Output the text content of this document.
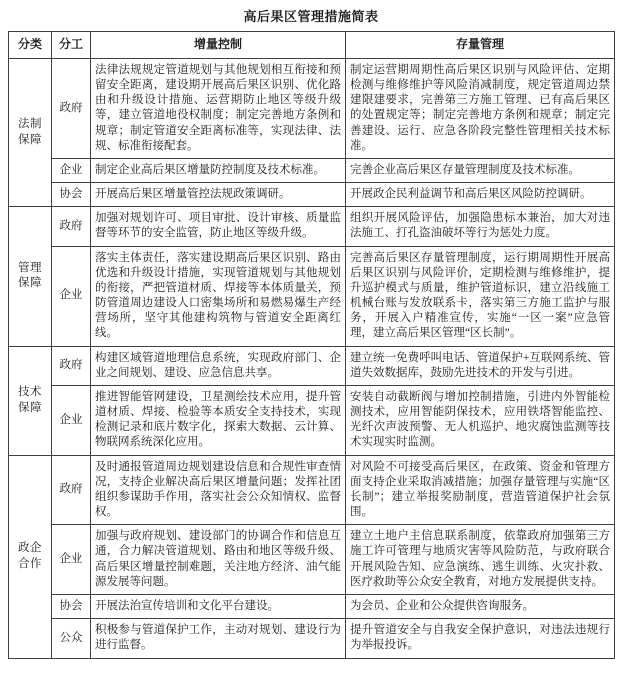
高后果区管理措施简表
分类	分工	增量控制	存量管理
法制保障	政府	法律法规规定管道规划与其他规划相互衔接和预留安全距离，建设期开展高后果区识别、优化路由和升级设计措施、运营期防止地区等级升级等，建立管道地役权制度；制定完善地方条例和规章；制定管道安全距离标准等，实现法律、法规、标准衔接配套。	制定运营期周期性高后果区识别与风险评估、定期检测与维修维护等风险消减制度，规定管道周边禁建限建要求，完善第三方施工管理、已有高后果区的处置规定等；制定完善地方条例和规章；制定完善建设、运行、应急各阶段完整性管理相关技术标准。
	企业	制定企业高后果区增量防控制度及技术标准。	完善企业高后果区存量管理制度及技术标准。
	协会	开展高后果区增量管控法规政策调研。	开展政企民利益调节和高后果区风险防控调研。
管理保障	政府	加强对规划许可、项目审批、设计审核、质量监督等环节的安全监管，防止地区等级升级。	组织开展风险评估，加强隐患标本兼治，加大对违法施工、打孔盗油破坏等行为惩处力度。
	企业	落实主体责任，落实建设期高后果区识别、路由优选和升级设计措施，实现管道规划与其他规划的衔接，严把管道材质、焊接等本体质量关，预防管道周边建设人口密集场所和易燃易爆生产经营场所，坚守其他建构筑物与管道安全距离红线。	完善高后果区存量管理制度，运行期周期性开展高后果区识别与风险评价，定期检测与维修维护，提升巡护模式与质量，维护管道标识，建立沿线施工机械台账与发放联系卡，落实第三方施工监护与服务，开展入户精准宣传，实施“一区一案”应急管理，建立高后果区管理“区长制”。
技术保障	政府	构建区域管道地理信息系统，实现政府部门、企业之间规划、建设、应急信息共享。	建立统一免费呼叫电话、管道保护+互联网系统、管道失效数据库，鼓励先进技术的开发与引进。
	企业	推进智能管网建设，卫星测绘技术应用，提升管道材质、焊接、检验等本质安全支持技术，实现检测记录和底片数字化，探索大数据、云计算、物联网系统深化应用。	安装自动截断阀与增加控制措施，引进内外智能检测技术，应用智能阴保技术，应用铁塔智能监控、光纤次声波预警、无人机巡护、地灾腐蚀监测等技术实现实时监测。
政企合作	政府	及时通报管道周边规划建设信息和合规性审查情况，支持企业解决高后果区增量问题；发挥社团组织参谋助手作用，落实社会公众知情权、监督权。	对风险不可接受高后果区，在政策、资金和管理方面支持企业采取消减措施；加强存量管理与实施“区长制”；建立举报奖励制度，营造管道保护社会氛围。
	企业	加强与政府规划、建设部门的协调合作和信息互通，合力解决管道规划、路由和地区等级升级、高后果区增量控制难题，关注地方经济、油气能源发展等问题。	建立土地户主信息联系制度，依靠政府加强第三方施工许可管理与地质灾害等风险防范，与政府联合开展风险告知、应急演练、逃生训练、火灾扑救、医疗救助等公众安全教育，对地方发展提供支持。
	协会	开展法治宣传培训和文化平台建设。	为会员、企业和公众提供咨询服务。
	公众	积极参与管道保护工作，主动对规划、建设行为进行监督。	提升管道安全与自我安全保护意识，对违法违规行为举报投诉。
